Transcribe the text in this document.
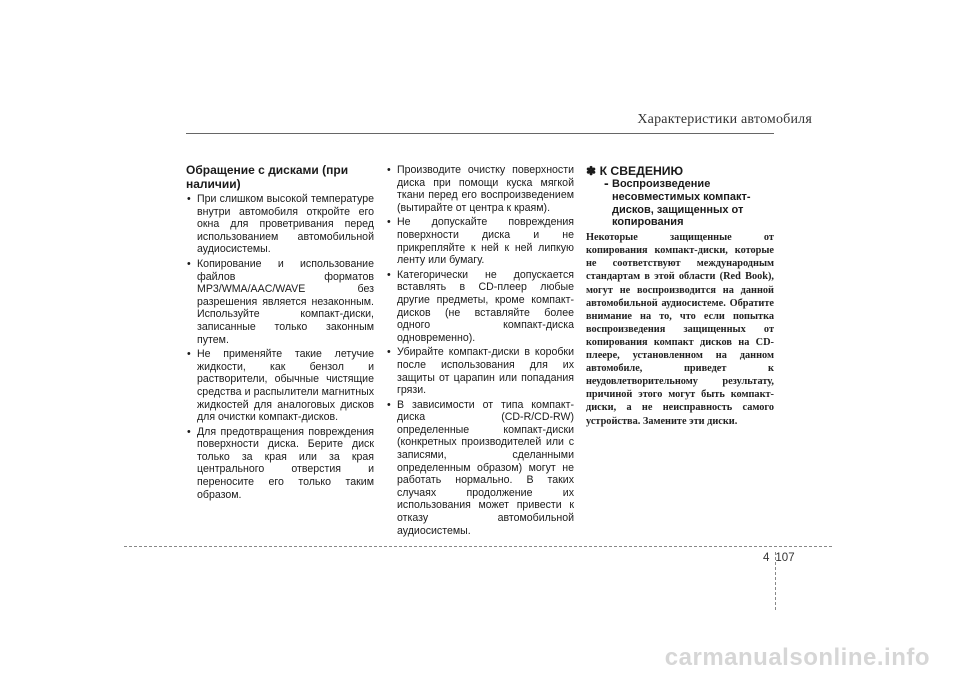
Характеристики автомобиля
Обращение с дисками (при наличии)
• При слишком высокой температуре внутри автомобиля откройте его окна для проветривания перед использованием автомобильной аудиосистемы.
• Копирование и использование файлов форматов MP3/WMA/AAC/WAVE без разрешения является незаконным. Используйте компакт-диски, записанные только законным путем.
• Не применяйте такие летучие жидкости, как бензол и растворители, обычные чистящие средства и распылители магнитных жидкостей для аналоговых дисков для очистки компакт-дисков.
• Для предотвращения повреждения поверхности диска. Берите диск только за края или за края центрального отверстия и переносите его только таким образом.
• Производите очистку поверхности диска при помощи куска мягкой ткани перед его воспроизведением (вытирайте от центра к краям).
• Не допускайте повреждения поверхности диска и не прикрепляйте к ней к ней липкую ленту или бумагу.
• Категорически не допускается вставлять в CD-плеер любые другие предметы, кроме компакт-дисков (не вставляйте более одного компакт-диска одновременно).
• Убирайте компакт-диски в коробки после использования для их защиты от царапин или попадания грязи.
• В зависимости от типа компакт-диска (CD-R/CD-RW) определенные компакт-диски (конкретных производителей или с записями, сделанными определенным образом) могут не работать нормально. В таких случаях продолжение их использования может привести к отказу автомобильной аудиосистемы.
✽ К СВЕДЕНИЮ
- Воспроизведение несовместимых компакт-дисков, защищенных от копирования

Некоторые защищенные от копирования компакт-диски, которые не соответствуют международным стандартам в этой области (Red Book), могут не воспроизводится на данной автомобильной аудиосистеме. Обратите внимание на то, что если попытка воспроизведения защищенных от копирования компакт дисков на CD-плеере, установленном на данном автомобиле, приведет к неудовлетворительному результату, причиной этого могут быть компакт-диски, а не неисправность самого устройства. Замените эти диски.

4 107
carmanualsonline.info
